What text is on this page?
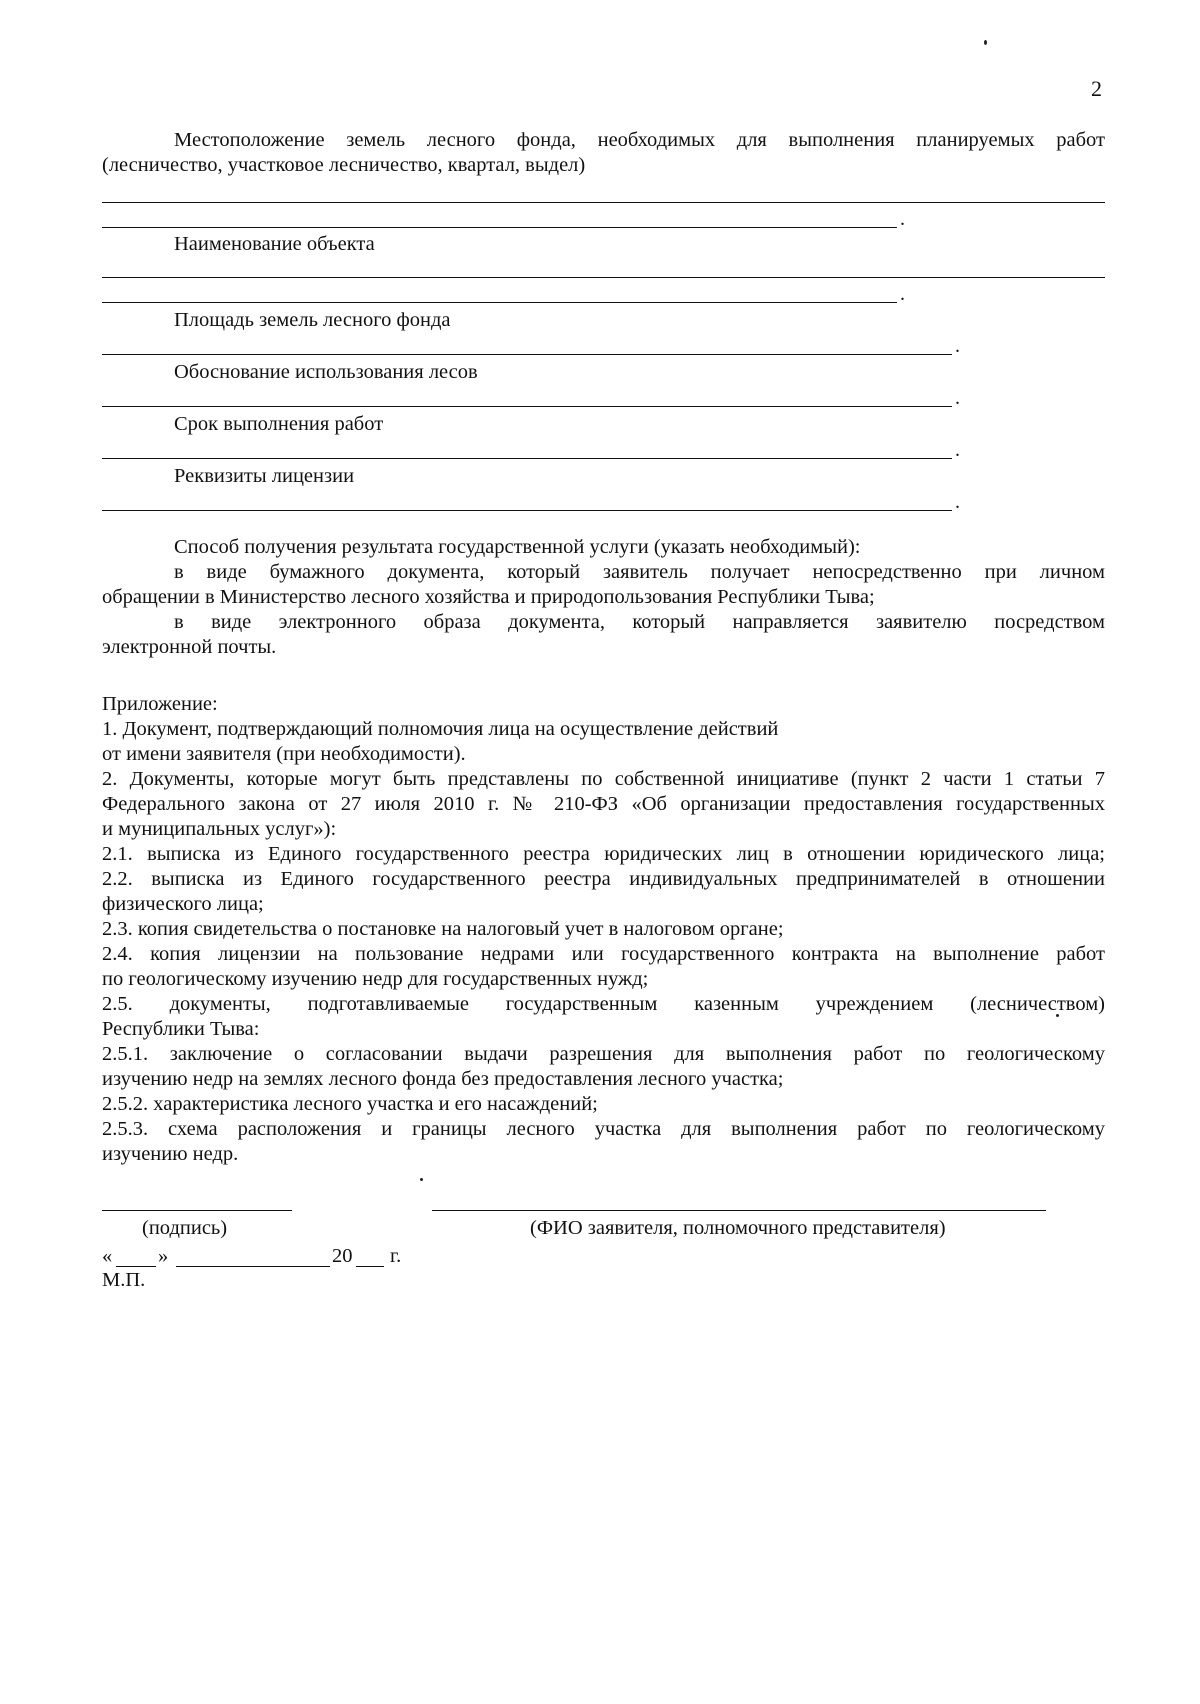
2

Местоположение земель лесного фонда, необходимых для выполнения планируемых работ

(лесничество, участковое лесничество, квартал, выдел)

.
Наименование объекта
.
Площадь земель лесного фонда
.
Обоснование использования лесов
.
Срок выполнения работ
.
Реквизиты лицензии
.

Способ получения результата государственной услуги (указать необходимый):

в виде бумажного документа, который заявитель получает непосредственно при личном

обращении в Министерство лесного хозяйства и природопользования Республики Тыва;

в виде электронного образа документа, который направляется заявителю посредством

электронной почты.

Приложение:

1. Документ, подтверждающий полномочия лица на осуществление действий

от имени заявителя (при необходимости).

2. Документы, которые могут быть представлены по собственной инициативе (пункт 2 части 1 статьи 7

Федерального закона от 27 июля 2010 г. № 210-ФЗ «Об организации предоставления государственных

и муниципальных услуг»):

2.1. выписка из Единого государственного реестра юридических лиц в отношении юридического лица;

2.2. выписка из Единого государственного реестра индивидуальных предпринимателей в отношении

физического лица;

2.3. копия свидетельства о постановке на налоговый учет в налоговом органе;

2.4. копия лицензии на пользование недрами или государственного контракта на выполнение работ

по геологическому изучению недр для государственных нужд;

2.5. документы, подготавливаемые государственным казенным учреждением (лесничеством)

Республики Тыва:

2.5.1. заключение о согласовании выдачи разрешения для выполнения работ по геологическому

изучению недр на землях лесного фонда без предоставления лесного участка;

2.5.2. характеристика лесного участка и его насаждений;

2.5.3. схема расположения и границы лесного участка для выполнения работ по геологическому

изучению недр.

(подпись)	(ФИО заявителя, полномочного представителя)
« »	20 г.
М.П.
